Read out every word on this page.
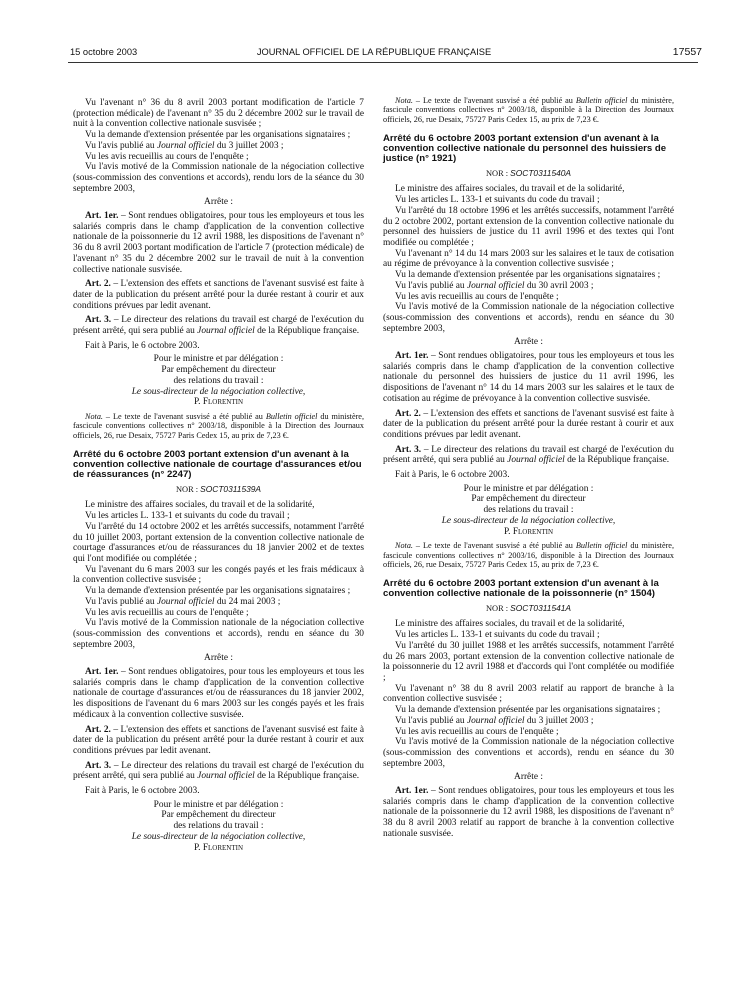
15 octobre 2003	JOURNAL OFFICIEL DE LA RÉPUBLIQUE FRANÇAISE	17557

Vu l'avenant n° 36 du 8 avril 2003 portant modification de l'article 7 (protection médicale) de l'avenant n° 35 du 2 décembre 2002 sur le travail de nuit à la convention collective nationale susvisée ;

Vu la demande d'extension présentée par les organisations signataires ;

Vu l'avis publié au Journal officiel du 3 juillet 2003 ;

Vu les avis recueillis au cours de l'enquête ;

Vu l'avis motivé de la Commission nationale de la négociation collective (sous-commission des conventions et accords), rendu lors de la séance du 30 septembre 2003,

Arrête :

Art. 1er. – Sont rendues obligatoires, pour tous les employeurs et tous les salariés compris dans le champ d'application de la convention collective nationale de la poissonnerie du 12 avril 1988, les dispositions de l'avenant n° 36 du 8 avril 2003 portant modification de l'article 7 (protection médicale) de l'avenant n° 35 du 2 décembre 2002 sur le travail de nuit à la convention collective nationale susvisée.

Art. 2. – L'extension des effets et sanctions de l'avenant susvisé est faite à dater de la publication du présent arrêté pour la durée restant à courir et aux conditions prévues par ledit avenant.

Art. 3. – Le directeur des relations du travail est chargé de l'exécution du présent arrêté, qui sera publié au Journal officiel de la République française.

Fait à Paris, le 6 octobre 2003.

Pour le ministre et par délégation :
Par empêchement du directeur
des relations du travail :
Le sous-directeur de la négociation collective,
P. Florentin

Nota. – Le texte de l'avenant susvisé a été publié au Bulletin officiel du ministère, fascicule conventions collectives n° 2003/18, disponible à la Direction des Journaux officiels, 26, rue Desaix, 75727 Paris Cedex 15, au prix de 7,23 €.

Arrêté du 6 octobre 2003 portant extension d'un avenant à la convention collective nationale de courtage d'assurances et/ou de réassurances (n° 2247)

NOR : SOCT0311539A

Le ministre des affaires sociales, du travail et de la solidarité,

Vu les articles L. 133-1 et suivants du code du travail ;

Vu l'arrêté du 14 octobre 2002 et les arrêtés successifs, notamment l'arrêté du 10 juillet 2003, portant extension de la convention collective nationale de courtage d'assurances et/ou de réassurances du 18 janvier 2002 et de textes qui l'ont modifiée ou complétée ;

Vu l'avenant du 6 mars 2003 sur les congés payés et les frais médicaux à la convention collective susvisée ;

Vu la demande d'extension présentée par les organisations signataires ;

Vu l'avis publié au Journal officiel du 24 mai 2003 ;

Vu les avis recueillis au cours de l'enquête ;

Vu l'avis motivé de la Commission nationale de la négociation collective (sous-commission des conventions et accords), rendu en séance du 30 septembre 2003,

Arrête :

Art. 1er. – Sont rendues obligatoires, pour tous les employeurs et tous les salariés compris dans le champ d'application de la convention collective nationale de courtage d'assurances et/ou de réassurances du 18 janvier 2002, les dispositions de l'avenant du 6 mars 2003 sur les congés payés et les frais médicaux à la convention collective susvisée.

Art. 2. – L'extension des effets et sanctions de l'avenant susvisé est faite à dater de la publication du présent arrêté pour la durée restant à courir et aux conditions prévues par ledit avenant.

Art. 3. – Le directeur des relations du travail est chargé de l'exécution du présent arrêté, qui sera publié au Journal officiel de la République française.

Fait à Paris, le 6 octobre 2003.

Pour le ministre et par délégation :
Par empêchement du directeur
des relations du travail :
Le sous-directeur de la négociation collective,
P. Florentin

Nota. – Le texte de l'avenant susvisé a été publié au Bulletin officiel du ministère, fascicule conventions collectives n° 2003/18, disponible à la Direction des Journaux officiels, 26, rue Desaix, 75727 Paris Cedex 15, au prix de 7,23 €.

Arrêté du 6 octobre 2003 portant extension d'un avenant à la convention collective nationale du personnel des huissiers de justice (n° 1921)

NOR : SOCT0311540A

Le ministre des affaires sociales, du travail et de la solidarité,

Vu les articles L. 133-1 et suivants du code du travail ;

Vu l'arrêté du 18 octobre 1996 et les arrêtés successifs, notamment l'arrêté du 2 octobre 2002, portant extension de la convention collective nationale du personnel des huissiers de justice du 11 avril 1996 et des textes qui l'ont modifiée ou complétée ;

Vu l'avenant n° 14 du 14 mars 2003 sur les salaires et le taux de cotisation au régime de prévoyance à la convention collective susvisée ;

Vu la demande d'extension présentée par les organisations signataires ;

Vu l'avis publié au Journal officiel du 30 avril 2003 ;

Vu les avis recueillis au cours de l'enquête ;

Vu l'avis motivé de la Commission nationale de la négociation collective (sous-commission des conventions et accords), rendu en séance du 30 septembre 2003,

Arrête :

Art. 1er. – Sont rendues obligatoires, pour tous les employeurs et tous les salariés compris dans le champ d'application de la convention collective nationale du personnel des huissiers de justice du 11 avril 1996, les dispositions de l'avenant n° 14 du 14 mars 2003 sur les salaires et le taux de cotisation au régime de prévoyance à la convention collective susvisée.

Art. 2. – L'extension des effets et sanctions de l'avenant susvisé est faite à dater de la publication du présent arrêté pour la durée restant à courir et aux conditions prévues par ledit avenant.

Art. 3. – Le directeur des relations du travail est chargé de l'exécution du présent arrêté, qui sera publié au Journal officiel de la République française.

Fait à Paris, le 6 octobre 2003.

Pour le ministre et par délégation :
Par empêchement du directeur
des relations du travail :
Le sous-directeur de la négociation collective,
P. Florentin

Nota. – Le texte de l'avenant susvisé a été publié au Bulletin officiel du ministère, fascicule conventions collectives n° 2003/16, disponible à la Direction des Journaux officiels, 26, rue Desaix, 75727 Paris Cedex 15, au prix de 7,23 €.

Arrêté du 6 octobre 2003 portant extension d'un avenant à la convention collective nationale de la poissonnerie (n° 1504)

NOR : SOCT0311541A

Le ministre des affaires sociales, du travail et de la solidarité,

Vu les articles L. 133-1 et suivants du code du travail ;

Vu l'arrêté du 30 juillet 1988 et les arrêtés successifs, notamment l'arrêté du 26 mars 2003, portant extension de la convention collective nationale de la poissonnerie du 12 avril 1988 et d'accords qui l'ont complétée ou modifiée ;

Vu l'avenant n° 38 du 8 avril 2003 relatif au rapport de branche à la convention collective susvisée ;

Vu la demande d'extension présentée par les organisations signataires ;

Vu l'avis publié au Journal officiel du 3 juillet 2003 ;

Vu les avis recueillis au cours de l'enquête ;

Vu l'avis motivé de la Commission nationale de la négociation collective (sous-commission des conventions et accords), rendu en séance du 30 septembre 2003,

Arrête :

Art. 1er. – Sont rendues obligatoires, pour tous les employeurs et tous les salariés compris dans le champ d'application de la convention collective nationale de la poissonnerie du 12 avril 1988, les dispositions de l'avenant n° 38 du 8 avril 2003 relatif au rapport de branche à la convention collective nationale susvisée.
